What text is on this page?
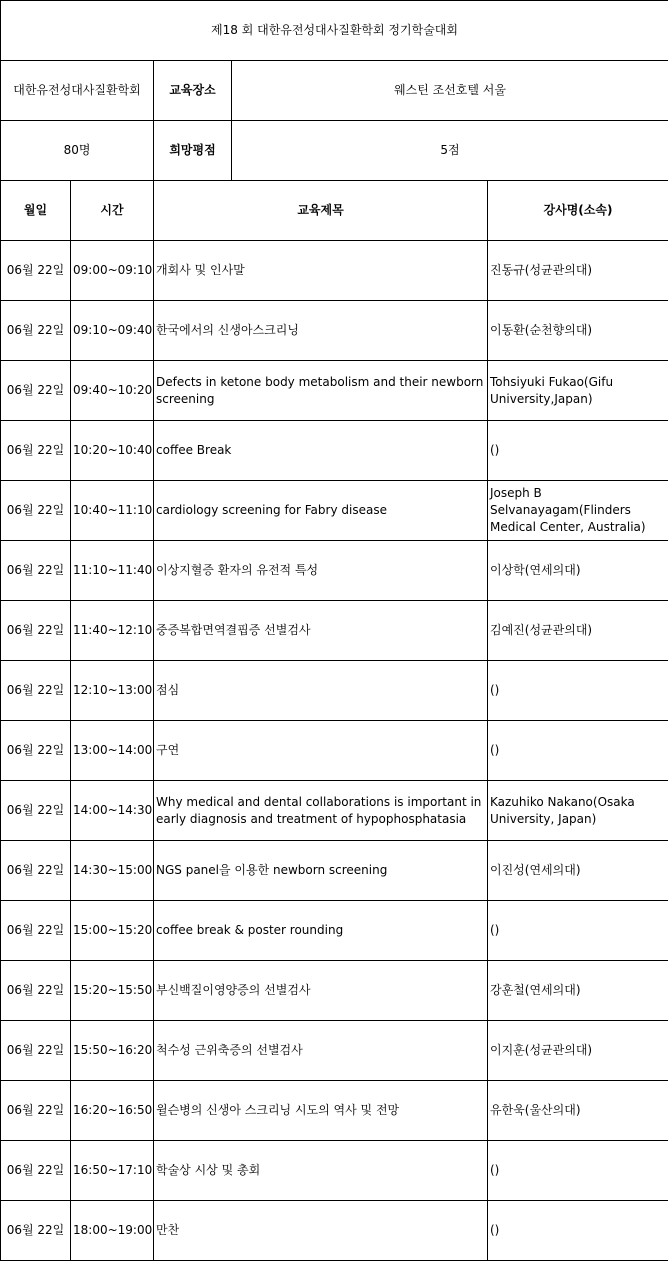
제18 회 대한유전성대사질환학회 정기학술대회				
대한유전성대사질환학회		교육장소	웨스틴 조선호텔 서울	
80명		희망평점	5점	
월일	시간	교육제목		강사명(소속)
06월 22일	09:00~09:10	개회사 및 인사말		진동규(성균관의대)
06월 22일	09:10~09:40	한국에서의 신생아스크리닝		이동환(순천향의대)
06월 22일	09:40~10:20	Defects in ketone body metabolism and their newborn screening		Tohsiyuki Fukao(Gifu University,Japan)
06월 22일	10:20~10:40	coffee Break		()
06월 22일	10:40~11:10	cardiology screening for Fabry disease		Joseph B Selvanayagam(Flinders Medical Center, Australia)
06월 22일	11:10~11:40	이상지혈증 환자의 유전적 특성		이상학(연세의대)
06월 22일	11:40~12:10	중증복합면역결핍증 선별검사		김예진(성균관의대)
06월 22일	12:10~13:00	점심		()
06월 22일	13:00~14:00	구연		()
06월 22일	14:00~14:30	Why medical and dental collaborations is important in early diagnosis and treatment of hypophosphatasia		Kazuhiko Nakano(Osaka University, Japan)
06월 22일	14:30~15:00	NGS panel을 이용한 newborn screening		이진성(연세의대)
06월 22일	15:00~15:20	coffee break & poster rounding		()
06월 22일	15:20~15:50	부신백질이영양증의 선별검사		강훈철(연세의대)
06월 22일	15:50~16:20	척수성 근위축증의 선별검사		이지훈(성균관의대)
06월 22일	16:20~16:50	윌슨병의 신생아 스크리닝 시도의 역사 및 전망		유한욱(울산의대)
06월 22일	16:50~17:10	학술상 시상 및 총회		()
06월 22일	18:00~19:00	만찬		()
